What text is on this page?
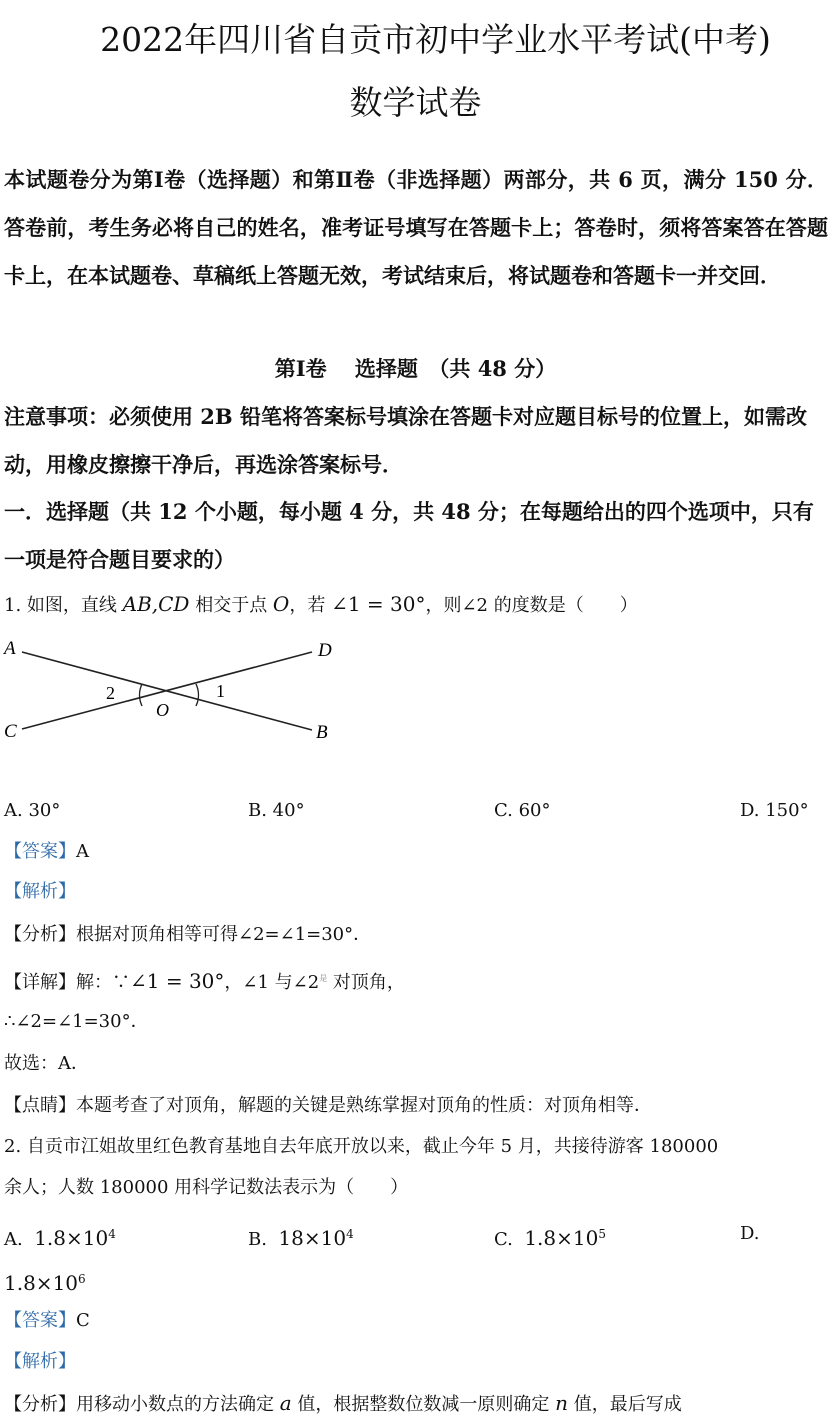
2022年四川省自贡市初中学业水平考试(中考)
数学试卷

本试题卷分为第Ⅰ卷（选择题）和第Ⅱ卷（非选择题）两部分，共 6 页，满分 150 分．答卷前，考生务必将自己的姓名，准考证号填写在答题卡上；答卷时，须将答案答在答题卡上，在本试题卷、草稿纸上答题无效，考试结束后，将试题卷和答题卡一并交回．

第Ⅰ卷　 选择题　（共 48 分）

注意事项：必须使用 2B 铅笔将答案标号填涂在答题卡对应题目标号的位置上，如需改动，用橡皮擦擦干净后，再选涂答案标号．

一．选择题（共 12 个小题，每小题 4 分，共 48 分；在每题给出的四个选项中，只有一项是符合题目要求的）

1. 如图，直线 AB,CD 相交于点 O，若 ∠1 = 30°，则∠2 的度数是（　　）

A	D
C	B
O
2	1

A. 30°	B. 40°	C. 60°	D. 150°

【答案】A

【解析】

【分析】根据对顶角相等可得∠2=∠1=30°．

【详解】解：∵∠1 = 30°，∠1 与$\angle 2^是$ 对顶角，

∴∠2=∠1=30°．

故选：A．

【点睛】本题考查了对顶角，解题的关键是熟练掌握对顶角的性质：对顶角相等．

2. 自贡市江姐故里红色教育基地自去年底开放以来，截止今年 5 月，共接待游客 180000

余人；人数 180000 用科学记数法表示为（　　）

A. $1.8\times 10^4$	B. $18\times 10^4$	C. $1.8\times 10^5$	D.

$1.8\times 10^6$

【答案】C

【解析】

【分析】用移动小数点的方法确定 a 值，根据整数位数减一原则确定 n 值，最后写成
